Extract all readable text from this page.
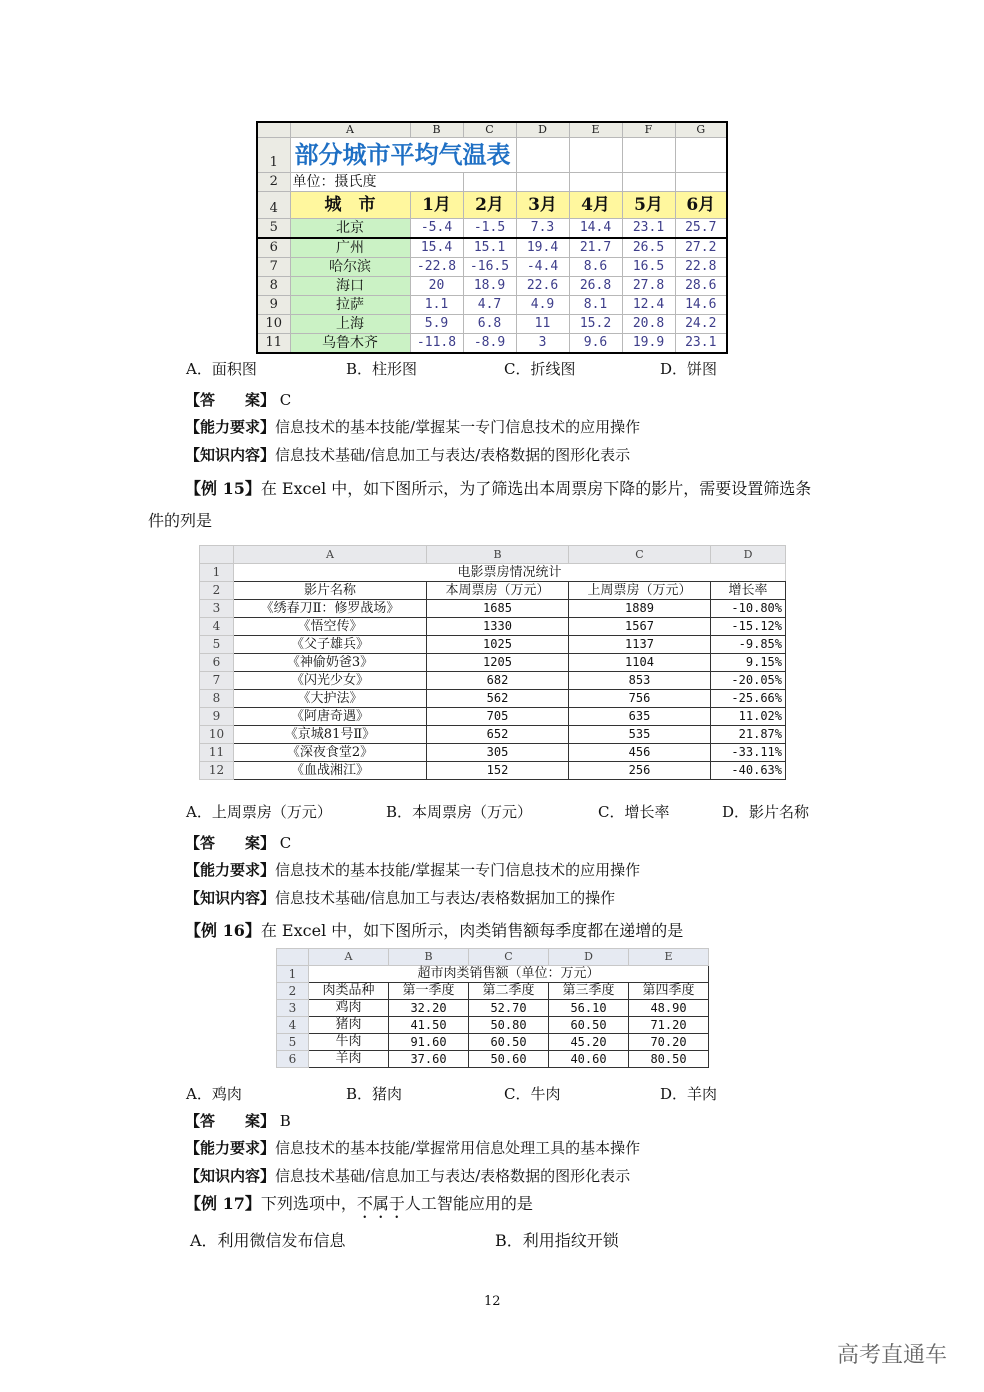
	A	B	C	D	E	F	G
1	部分城市平均气温表						
2	单位：摄氏度						
4	城　市	1月	2月	3月	4月	5月	6月
5	北京	-5.4	-1.5	7.3	14.4	23.1	25.7
6	广州	15.4	15.1	19.4	21.7	26.5	27.2
7	哈尔滨	-22.8	-16.5	-4.4	8.6	16.5	22.8
8	海口	20	18.9	22.6	26.8	27.8	28.6
9	拉萨	1.1	4.7	4.9	8.1	12.4	14.6
10	上海	5.9	6.8	11	15.2	20.8	24.2
11	乌鲁木齐	-11.8	-8.9	3	9.6	19.9	23.1
A．面积图	B．柱形图	C．折线图	D．饼图
【答　　案】 C
【能力要求】信息技术的基本技能/掌握某一专门信息技术的应用操作
【知识内容】信息技术基础/信息加工与表达/表格数据的图形化表示
【例 15】在 Excel 中，如下图所示，为了筛选出本周票房下降的影片，需要设置筛选条
件的列是
	A	B	C	D
1	电影票房情况统计			
2	影片名称	本周票房（万元）	上周票房（万元）	增长率
3	《绣春刀Ⅱ：修罗战场》	1685	1889	-10.80%
4	《悟空传》	1330	1567	-15.12%
5	《父子雄兵》	1025	1137	-9.85%
6	《神偷奶爸3》	1205	1104	9.15%
7	《闪光少女》	682	853	-20.05%
8	《大护法》	562	756	-25.66%
9	《阿唐奇遇》	705	635	11.02%
10	《京城81号Ⅱ》	652	535	21.87%
11	《深夜食堂2》	305	456	-33.11%
12	《血战湘江》	152	256	-40.63%
A．上周票房（万元）	B．本周票房（万元）	C．增长率	D．影片名称
【答　　案】 C
【能力要求】信息技术的基本技能/掌握某一专门信息技术的应用操作
【知识内容】信息技术基础/信息加工与表达/表格数据加工的操作
【例 16】在 Excel 中，如下图所示，肉类销售额每季度都在递增的是
	A	B	C	D	E
1	超市肉类销售额（单位：万元）				
2	肉类品种	第一季度	第二季度	第三季度	第四季度
3	鸡肉	32.20	52.70	56.10	48.90
4	猪肉	41.50	50.80	60.50	71.20
5	牛肉	91.60	60.50	45.20	70.20
6	羊肉	37.60	50.60	40.60	80.50
A．鸡肉	B．猪肉	C．牛肉	D．羊肉
【答　　案】 B
【能力要求】信息技术的基本技能/掌握常用信息处理工具的基本操作
【知识内容】信息技术基础/信息加工与表达/表格数据的图形化表示
【例 17】下列选项中，不属于人工智能应用的是
A．利用微信发布信息	B．利用指纹开锁
12
高考直通车
